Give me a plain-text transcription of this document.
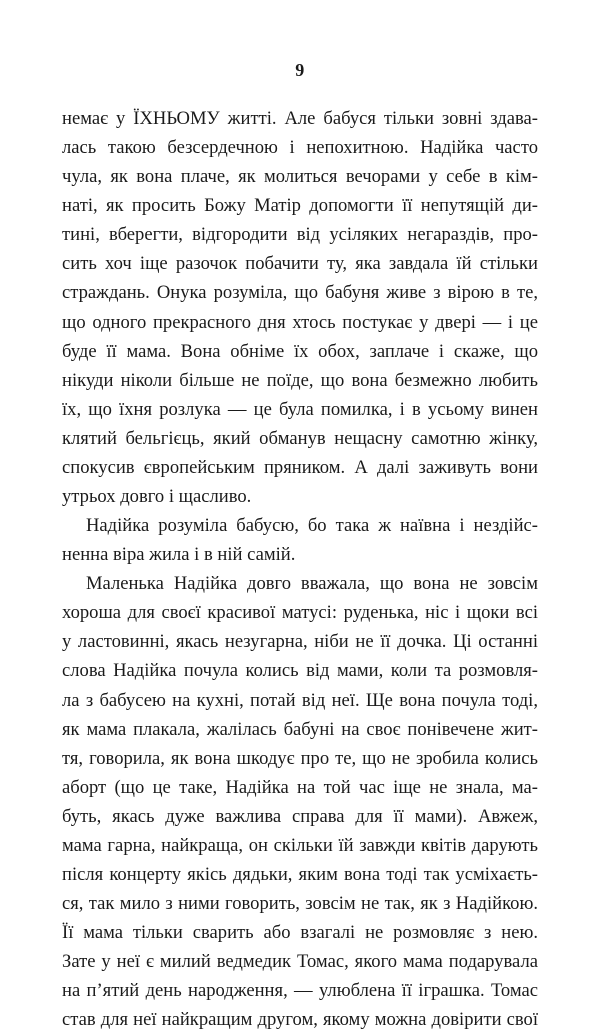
9
немає у ЇХНЬОМУ житті. Але бабуся тільки зовні здава-
лась такою безсердечною і непохитною. Надійка часто
чула, як вона плаче, як молиться вечорами у себе в кім-
наті, як просить Божу Матір допомогти її непутящій ди-
тині, вберегти, відгородити від усіляких негараздів, про-
сить хоч іще разочок побачити ту, яка завдала їй стільки
страждань. Онука розуміла, що бабуня живе з вірою в те,
що одного прекрасного дня хтось постукає у двері — і це
буде її мама. Вона обніме їх обох, заплаче і скаже, що
нікуди ніколи більше не поїде, що вона безмежно любить
їх, що їхня розлука — це була помилка, і в усьому винен
клятий бельгієць, який обманув нещасну самотню жінку,
спокусив європейським пряником. А далі заживуть вони
утрьох довго і щасливо.
Надійка розуміла бабусю, бо така ж наївна і нездійс-
ненна віра жила і в ній самій.
Маленька Надійка довго вважала, що вона не зовсім
хороша для своєї красивої матусі: руденька, ніс і щоки всі
у ластовинні, якась незугарна, ніби не її дочка. Ці останні
слова Надійка почула колись від мами, коли та розмовля-
ла з бабусею на кухні, потай від неї. Ще вона почула тоді,
як мама плакала, жалілась бабуні на своє понівечене жит-
тя, говорила, як вона шкодує про те, що не зробила колись
аборт (що це таке, Надійка на той час іще не знала, ма-
буть, якась дуже важлива справа для її мами). Авжеж,
мама гарна, найкраща, он скільки їй завжди квітів дарують
після концерту якісь дядьки, яким вона тоді так усміхаєть-
ся, так мило з ними говорить, зовсім не так, як з Надійкою.
Її мама тільки сварить або взагалі не розмовляє з нею.
Зате у неї є милий ведмедик Томас, якого мама подарувала
на п’ятий день народження, — улюблена її іграшка. Томас
став для неї найкращим другом, якому можна довірити свої
